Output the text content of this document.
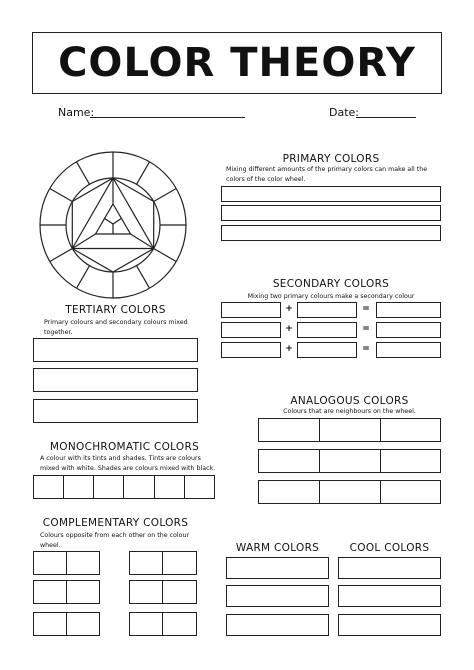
COLOR THEORY
Name:	Date:
PRIMARY COLORS
Mixing different amounts of the primary colors can make all the colors of the color wheel.
SECONDARY COLORS
Mixing two primary colours make a secondary colour
+	=
+	=
+	=
TERTIARY COLORS
Primary colours and secondary colours mixed together.
ANALOGOUS COLORS
Colours that are neighbours on the wheel.
MONOCHROMATIC COLORS
A colour with its tints and shades. Tints are colours mixed with white. Shades are colours mixed with black.
COMPLEMENTARY COLORS
Colours opposite from each other on the colour wheel.	WARM COLORS	COOL COLORS
